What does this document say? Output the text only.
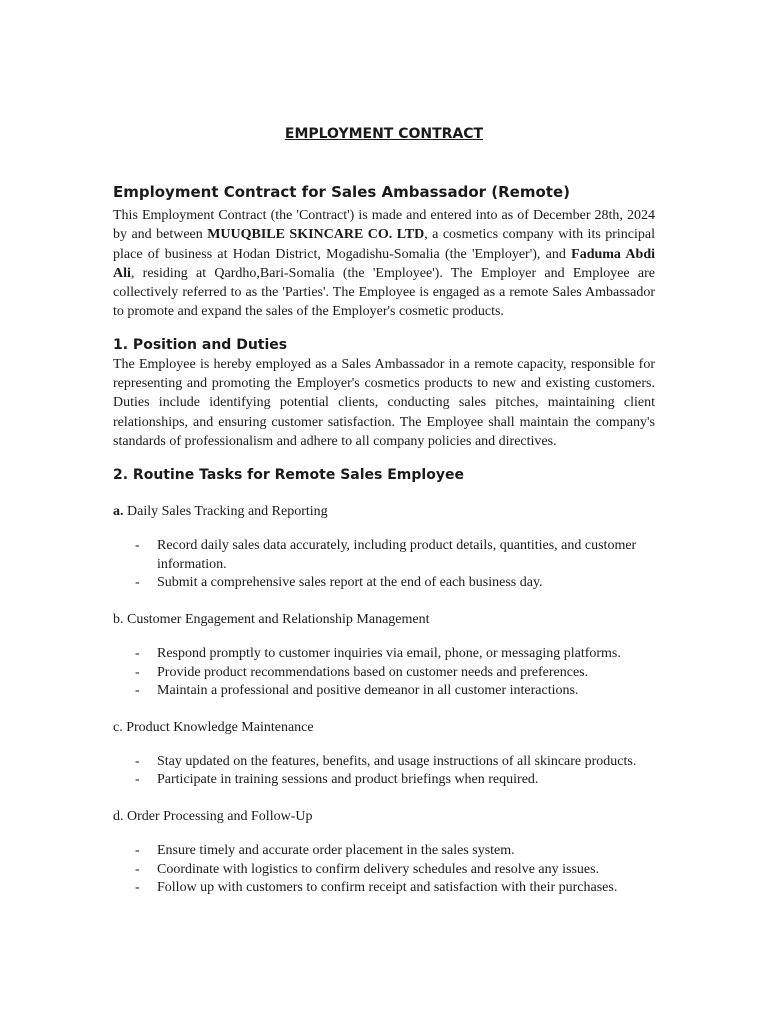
EMPLOYMENT CONTRACT
Employment Contract for Sales Ambassador (Remote)

This Employment Contract (the 'Contract') is made and entered into as of December 28th, 2024 by and between MUUQBILE SKINCARE CO. LTD, a cosmetics company with its principal place of business at Hodan District, Mogadishu-Somalia (the 'Employer'), and Faduma Abdi Ali, residing at Qardho,Bari-Somalia (the 'Employee'). The Employer and Employee are collectively referred to as the 'Parties'. The Employee is engaged as a remote Sales Ambassador to promote and expand the sales of the Employer's cosmetic products.

1. Position and Duties

The Employee is hereby employed as a Sales Ambassador in a remote capacity, responsible for representing and promoting the Employer's cosmetics products to new and existing customers. Duties include identifying potential clients, conducting sales pitches, maintaining client relationships, and ensuring customer satisfaction. The Employee shall maintain the company's standards of professionalism and adhere to all company policies and directives.

2. Routine Tasks for Remote Sales Employee

a. Daily Sales Tracking and Reporting

- Record daily sales data accurately, including product details, quantities, and customer information.
- Submit a comprehensive sales report at the end of each business day.

b. Customer Engagement and Relationship Management

- Respond promptly to customer inquiries via email, phone, or messaging platforms.
- Provide product recommendations based on customer needs and preferences.
- Maintain a professional and positive demeanor in all customer interactions.

c. Product Knowledge Maintenance

- Stay updated on the features, benefits, and usage instructions of all skincare products.
- Participate in training sessions and product briefings when required.

d. Order Processing and Follow-Up

- Ensure timely and accurate order placement in the sales system.
- Coordinate with logistics to confirm delivery schedules and resolve any issues.
- Follow up with customers to confirm receipt and satisfaction with their purchases.
